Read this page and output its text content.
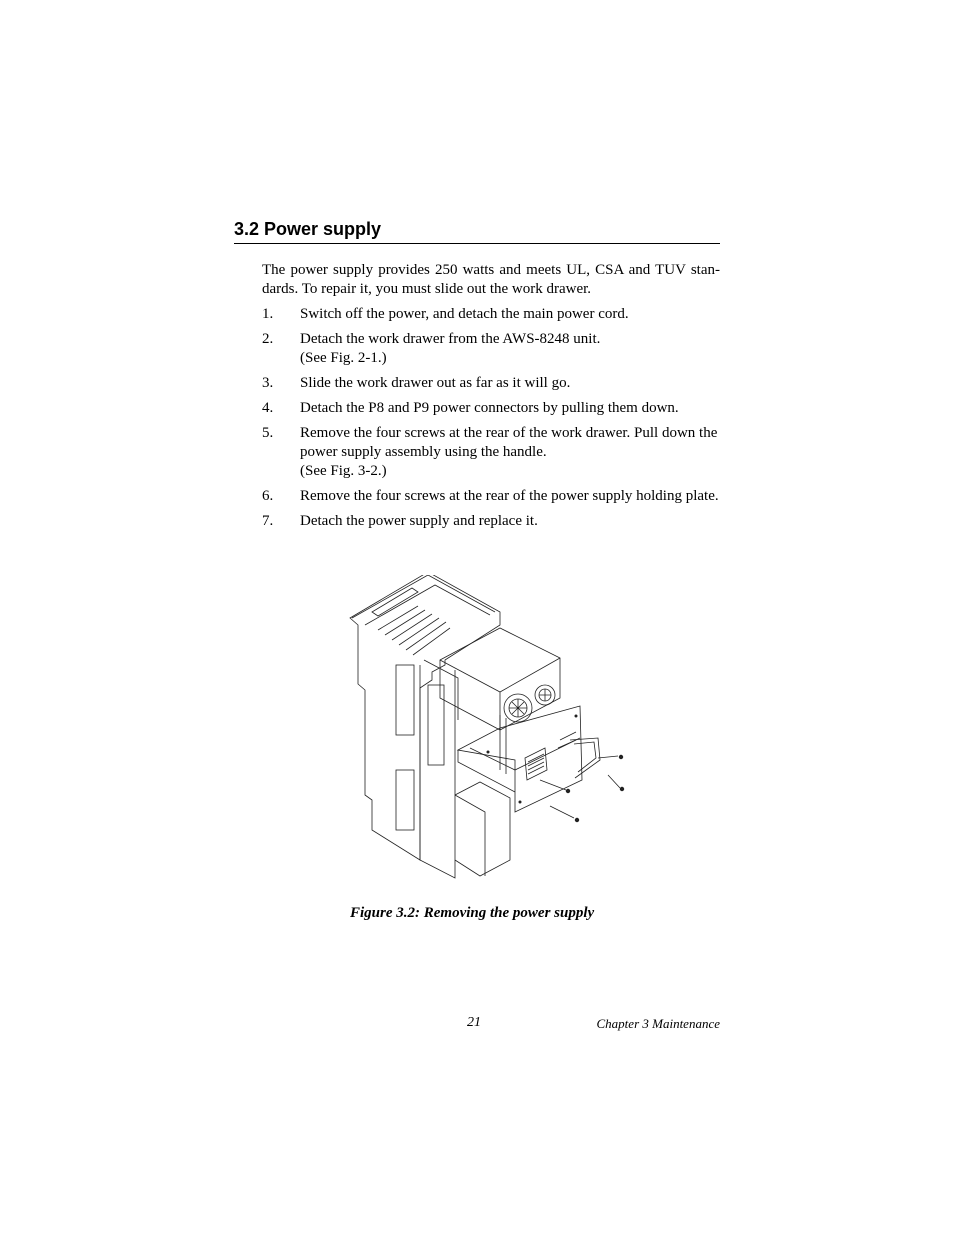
3.2 Power supply

The power supply provides 250 watts and meets UL, CSA and TUV stan-dards. To repair it, you must slide out the work drawer.

1. Switch off the power, and detach the main power cord.
2. Detach the work drawer from the AWS-8248 unit.
(See Fig. 2-1.)
3. Slide the work drawer out as far as it will go.
4. Detach the P8 and P9 power connectors by pulling them down.
5. Remove the four screws at the rear of the work drawer. Pull down the power supply assembly using the handle.
(See Fig. 3-2.)
6. Remove the four screws at the rear of the power supply holding plate.
7. Detach the power supply and replace it.

Figure 3.2: Removing the power supply

21	Chapter 3 Maintenance
